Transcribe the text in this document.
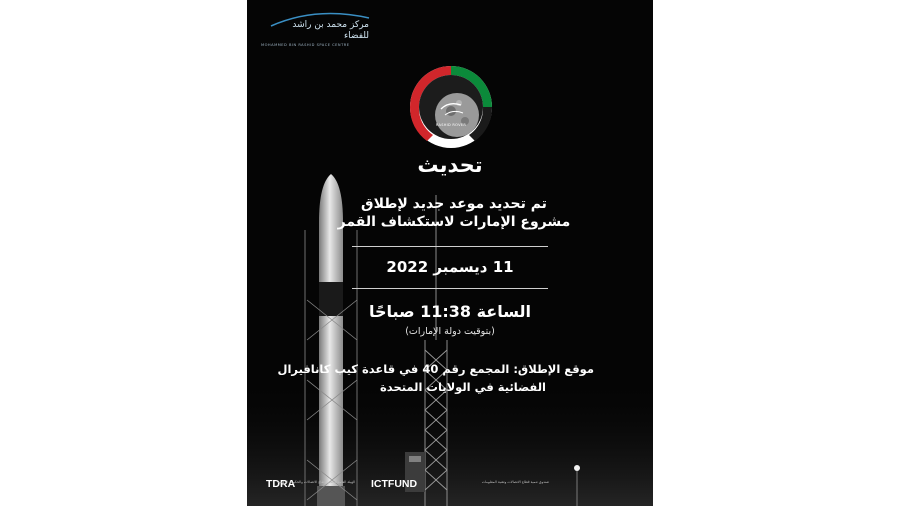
مركز محمد بن راشد للفضاء
MOHAMMED BIN RASHID SPACE CENTRE
RASHID ROVER
تحديث
تم تحديد موعد جديد لإطلاق
مشروع الإمارات لاستكشاف القمر
11 ديسمبر 2022
الساعة 11:38 صباحًا
(بتوقيت دولة الإمارات)
موقع الإطلاق: المجمع رقم 40 في قاعدة كيب كانافيرال
الفضائية في الولايات المتحدة
TDRA
الهيئة العامة لتنظيم قطاع الاتصالات والحكومة الرقمية ICTFUND	صندوق تنمية قطاع الاتصالات وتقنية المعلومات
